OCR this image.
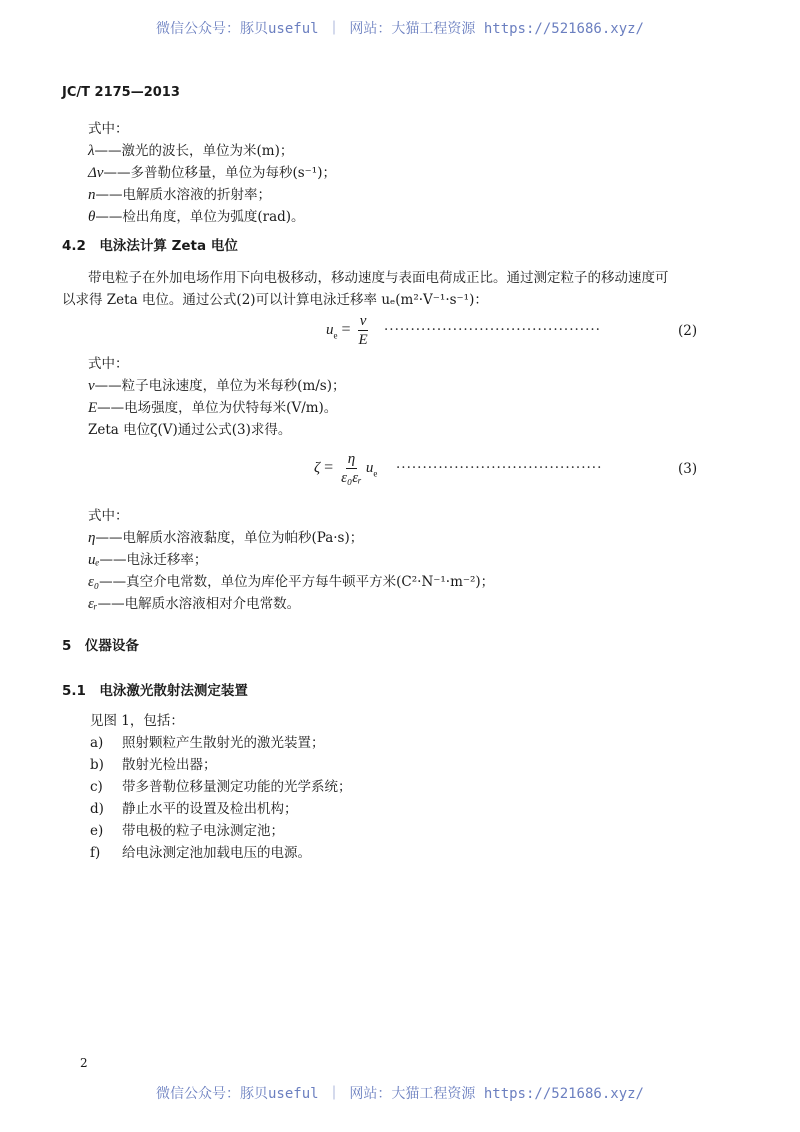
微信公众号：豚贝useful ｜ 网站：大猫工程资源 https://521686.xyz/
JC/T 2175—2013
式中：
λ——激光的波长，单位为米(m)；
Δν——多普勒位移量，单位为每秒(s⁻¹)；
n——电解质水溶液的折射率；
θ——检出角度，单位为弧度(rad)。
4.2　电泳法计算 Zeta 电位
带电粒子在外加电场作用下向电极移动，移动速度与表面电荷成正比。通过测定粒子的移动速度可
以求得 Zeta 电位。通过公式(2)可以计算电泳迁移率 uₑ(m²·V⁻¹·s⁻¹)：
$u_e = \frac{v}{E}$ ·········································	(2)
式中：
v——粒子电泳速度，单位为米每秒(m/s)；
E——电场强度，单位为伏特每米(V/m)。
Zeta 电位ζ(V)通过公式(3)求得。
$\zeta = \frac{\eta}{\text{ε₀εᵣ}} u_e$ ·······································	(3)
式中：
η——电解质水溶液黏度，单位为帕秒(Pa·s)；
uₑ——电泳迁移率；
ε₀——真空介电常数，单位为库伦平方每牛顿平方米(C²·N⁻¹·m⁻²)；
εᵣ——电解质水溶液相对介电常数。
5　仪器设备
5.1　电泳激光散射法测定装置
见图 1，包括：
a) 照射颗粒产生散射光的激光装置；
b) 散射光检出器；
c) 带多普勒位移量测定功能的光学系统；
d) 静止水平的设置及检出机构；
e) 带电极的粒子电泳测定池；
f) 给电泳测定池加载电压的电源。
2
微信公众号：豚贝useful ｜ 网站：大猫工程资源 https://521686.xyz/
